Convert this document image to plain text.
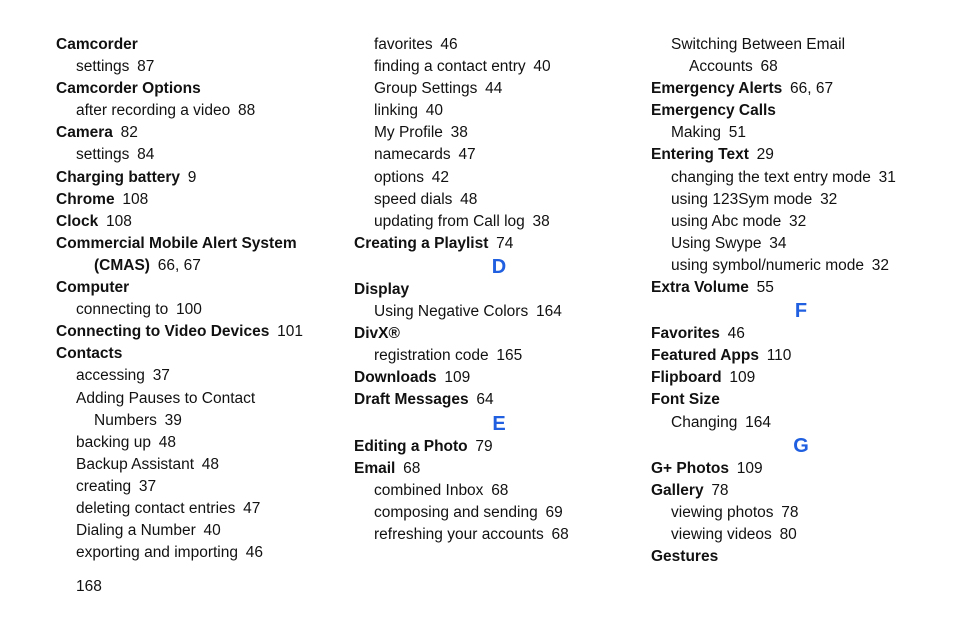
Camcorder
settings  87
Camcorder Options
after recording a video  88
Camera  82
settings  84
Charging battery  9
Chrome  108
Clock  108
Commercial Mobile Alert System
(CMAS)  66, 67
Computer
connecting to  100
Connecting to Video Devices  101
Contacts
accessing  37
Adding Pauses to Contact
Numbers  39
backing up  48
Backup Assistant  48
creating  37
deleting contact entries  47
Dialing a Number  40
exporting and importing  46
favorites  46
finding a contact entry  40
Group Settings  44
linking  40
My Profile  38
namecards  47
options  42
speed dials  48
updating from Call log  38
Creating a Playlist  74
D
Display
Using Negative Colors  164
DivX®
registration code  165
Downloads  109
Draft Messages  64
E
Editing a Photo  79
Email  68
combined Inbox  68
composing and sending  69
refreshing your accounts  68
Switching Between Email
Accounts  68
Emergency Alerts  66, 67
Emergency Calls
Making  51
Entering Text  29
changing the text entry mode  31
using 123Sym mode  32
using Abc mode  32
Using Swype  34
using symbol/numeric mode  32
Extra Volume  55
F
Favorites  46
Featured Apps  110
Flipboard  109
Font Size
Changing  164
G
G+ Photos  109
Gallery  78
viewing photos  78
viewing videos  80
Gestures
168
